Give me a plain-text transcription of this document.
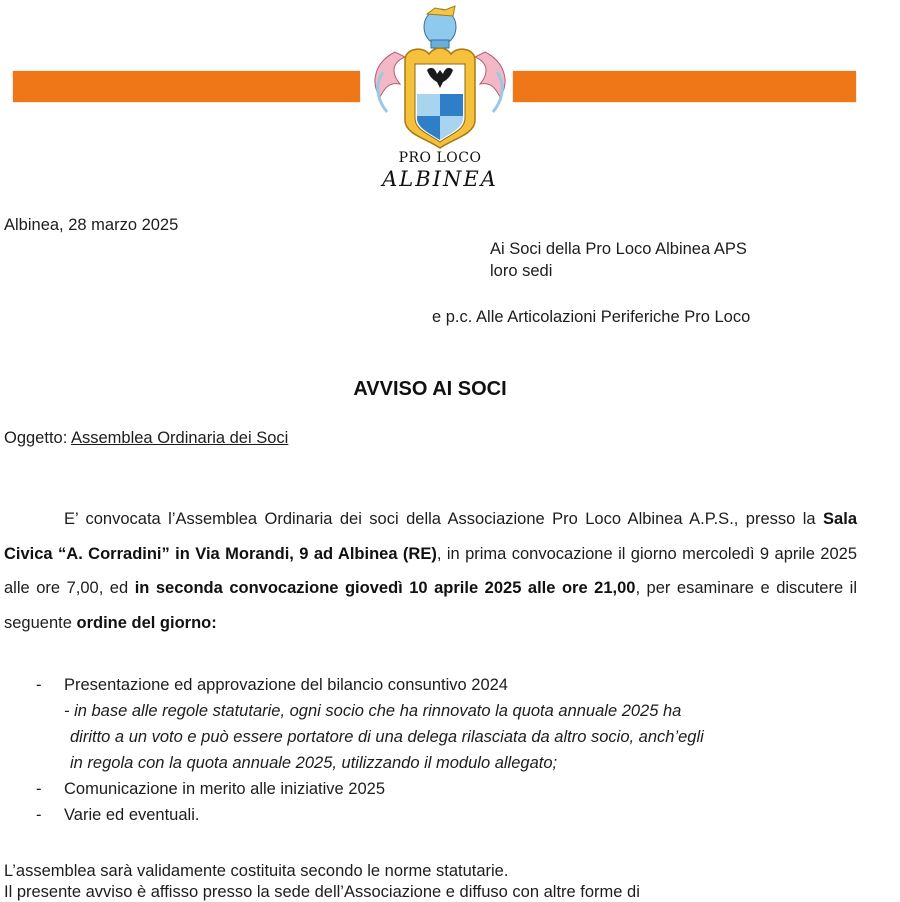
PRO LOCO
ALBINEA
Albinea, 28 marzo 2025
Ai Soci della Pro Loco Albinea APS
loro sedi
e p.c. Alle Articolazioni Periferiche Pro Loco
AVVISO AI SOCI
Oggetto: Assemblea Ordinaria dei Soci
E’ convocata l’Assemblea Ordinaria dei soci della Associazione Pro Loco Albinea A.P.S., presso la Sala Civica “A. Corradini” in Via Morandi, 9 ad Albinea (RE), in prima convocazione il giorno mercoledì 9 aprile 2025 alle ore 7,00, ed in seconda convocazione giovedì 10 aprile 2025 alle ore 21,00, per esaminare e discutere il seguente ordine del giorno:
- Presentazione ed approvazione del bilancio consuntivo 2024
- in base alle regole statutarie, ogni socio che ha rinnovato la quota annuale 2025 ha
diritto a un voto e può essere portatore di una delega rilasciata da altro socio, anch’egli
in regola con la quota annuale 2025, utilizzando il modulo allegato;
- Comunicazione in merito alle iniziative 2025
- Varie ed eventuali.
L’assemblea sarà validamente costituita secondo le norme statutarie.
Il presente avviso è affisso presso la sede dell’Associazione e diffuso con altre forme di
